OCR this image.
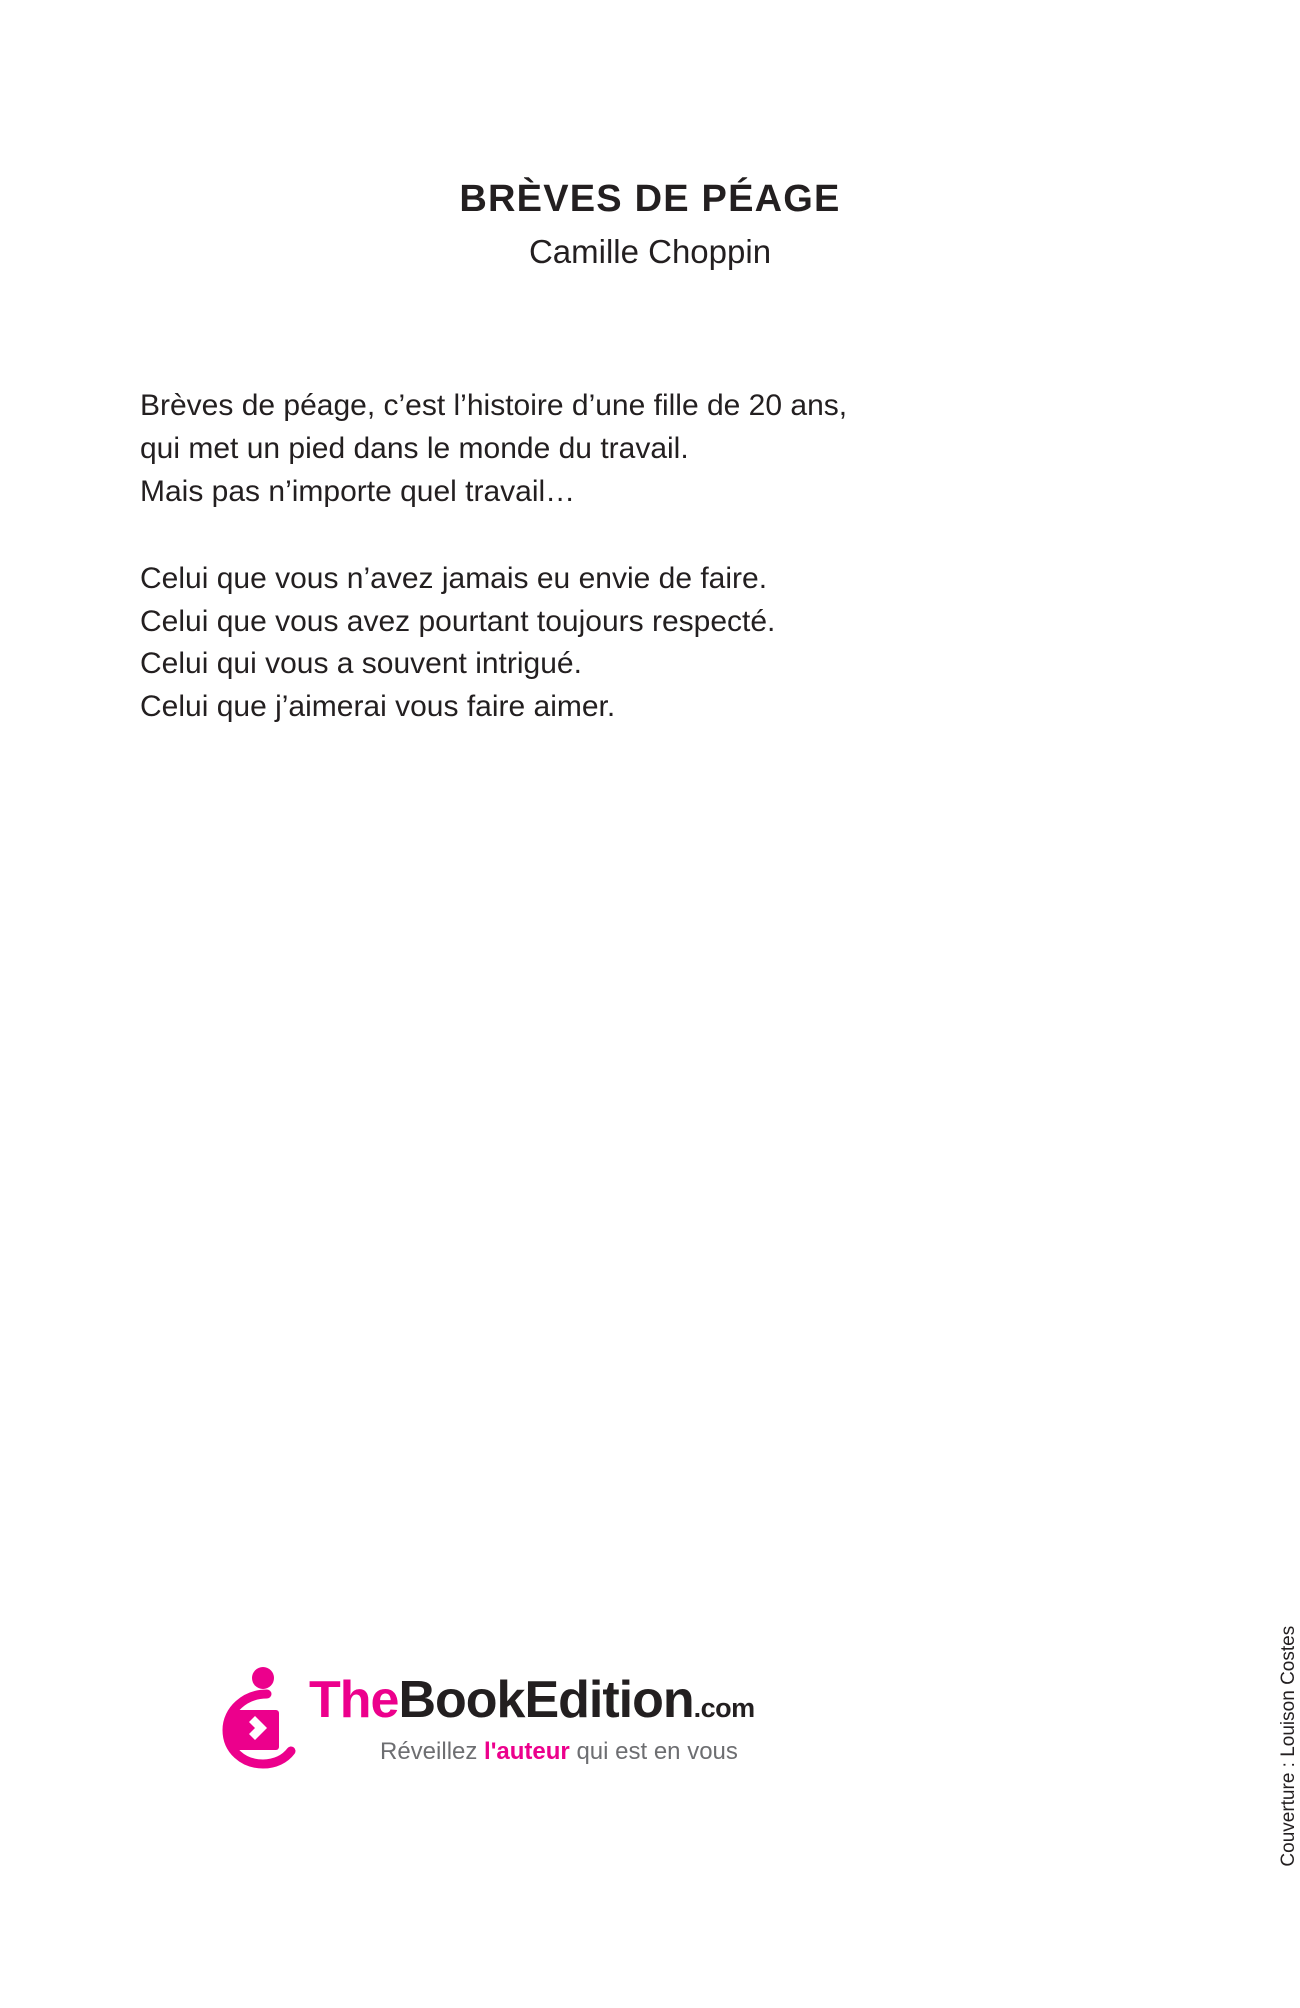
BRÈVES DE PÉAGE
Camille Choppin

Brèves de péage, c’est l’histoire d’une fille de 20 ans,

qui met un pied dans le monde du travail.

Mais pas n’importe quel travail…

Celui que vous n’avez jamais eu envie de faire.

Celui que vous avez pourtant toujours respecté.

Celui qui vous a souvent intrigué.

Celui que j’aimerai vous faire aimer.

Couverture : Louison Costes
TheBookEdition.com
Réveillez l'auteur qui est en vous
